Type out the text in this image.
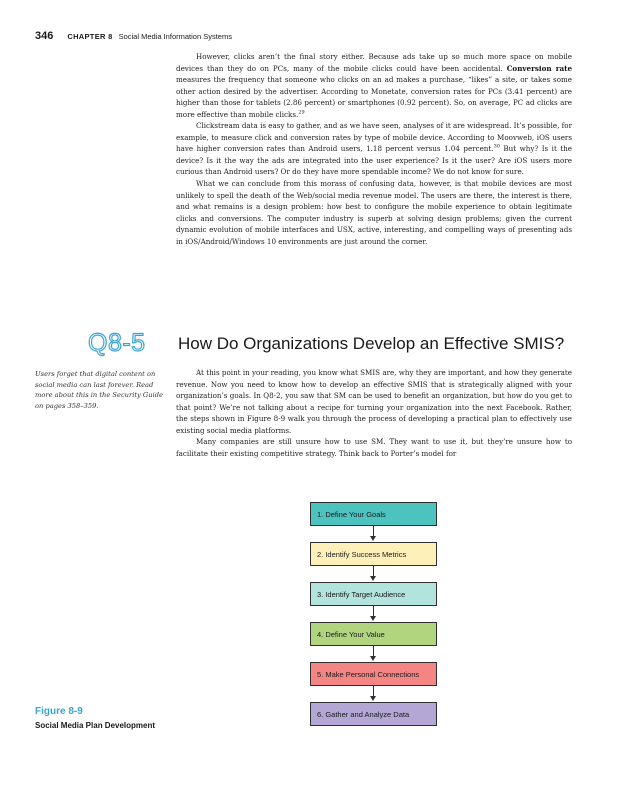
346 CHAPTER 8 Social Media Information Systems

However, clicks aren’t the final story either. Because ads take up so much more space on mobile devices than they do on PCs, many of the mobile clicks could have been accidental. Conversion rate measures the frequency that someone who clicks on an ad makes a purchase, “likes” a site, or takes some other action desired by the advertiser. According to Monetate, conversion rates for PCs (3.41 percent) are higher than those for tablets (2.86 percent) or smartphones (0.92 percent). So, on average, PC ad clicks are more effective than mobile clicks.$^{29}$

Clickstream data is easy to gather, and as we have seen, analyses of it are widespread. It’s possible, for example, to measure click and conversion rates by type of mobile device. According to Moovweb, iOS users have higher conversion rates than Android users, 1.18 percent versus 1.04 percent.$^{30}$ But why? Is it the device? Is it the way the ads are integrated into the user experience? Is it the user? Are iOS users more curious than Android users? Or do they have more spendable income? We do not know for sure.

What we can conclude from this morass of confusing data, however, is that mobile devices are most unlikely to spell the death of the Web/social media revenue model. The users are there, the interest is there, and what remains is a design problem: how best to configure the mobile experience to obtain legitimate clicks and conversions. The computer industry is superb at solving design problems; given the current dynamic evolution of mobile interfaces and USX, active, interesting, and compelling ways of presenting ads in iOS/Android/Windows 10 environments are just around the corner.

Q8-5	How Do Organizations Develop an Effective SMIS?
Users forget that digital content on social media can last forever. Read more about this in the Security Guide on pages 358–359.

At this point in your reading, you know what SMIS are, why they are important, and how they generate revenue. Now you need to know how to develop an effective SMIS that is strategically aligned with your organization’s goals. In Q8-2, you saw that SM can be used to benefit an organization, but how do you get to that point? We’re not talking about a recipe for turning your organization into the next Facebook. Rather, the steps shown in Figure 8-9 walk you through the process of developing a practical plan to effectively use existing social media platforms.

Many companies are still unsure how to use SM. They want to use it, but they’re unsure how to facilitate their existing competitive strategy. Think back to Porter’s model for

1. Define Your Goals
2. Identify Success Metrics
3. Identify Target Audience
4. Define Your Value
5. Make Personal Connections
6. Gather and Analyze Data
Figure 8-9
Social Media Plan Development
